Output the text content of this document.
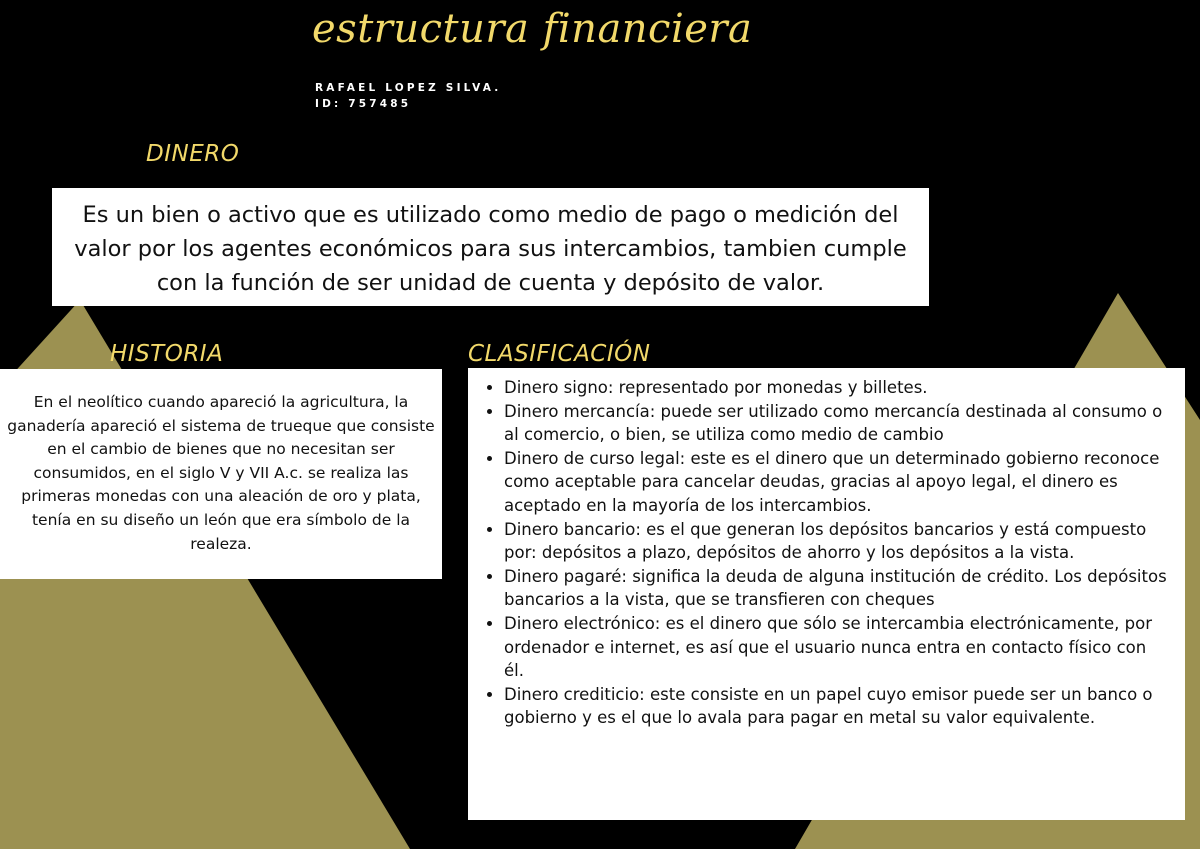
estructura financiera
RAFAEL LOPEZ SILVA.
ID: 757485
DINERO
Es un bien o activo que es utilizado como medio de pago o medición del valor por los agentes económicos para sus intercambios, tambien cumple con la función de ser unidad de cuenta y depósito de valor.
HISTORIA
En el neolítico cuando apareció la agricultura, la ganadería apareció el sistema de trueque que consiste en el cambio de bienes que no necesitan ser consumidos, en el siglo V y VII A.c. se realiza las primeras monedas con una aleación de oro y plata, tenía en su diseño un león que era símbolo de la realeza.
CLASIFICACIÓN
• Dinero signo: representado por monedas y billetes.
• Dinero mercancía: puede ser utilizado como mercancía destinada al consumo o al comercio, o bien, se utiliza como medio de cambio
• Dinero de curso legal: este es el dinero que un determinado gobierno reconoce como aceptable para cancelar deudas, gracias al apoyo legal, el dinero es aceptado en la mayoría de los intercambios.
• Dinero bancario: es el que generan los depósitos bancarios y está compuesto por: depósitos a plazo, depósitos de ahorro y los depósitos a la vista.
• Dinero pagaré: significa la deuda de alguna institución de crédito. Los depósitos bancarios a la vista, que se transfieren con cheques
• Dinero electrónico: es el dinero que sólo se intercambia electrónicamente, por ordenador e internet, es así que el usuario nunca entra en contacto físico con él.
• Dinero crediticio: este consiste en un papel cuyo emisor puede ser un banco o gobierno y es el que lo avala para pagar en metal su valor equivalente.
